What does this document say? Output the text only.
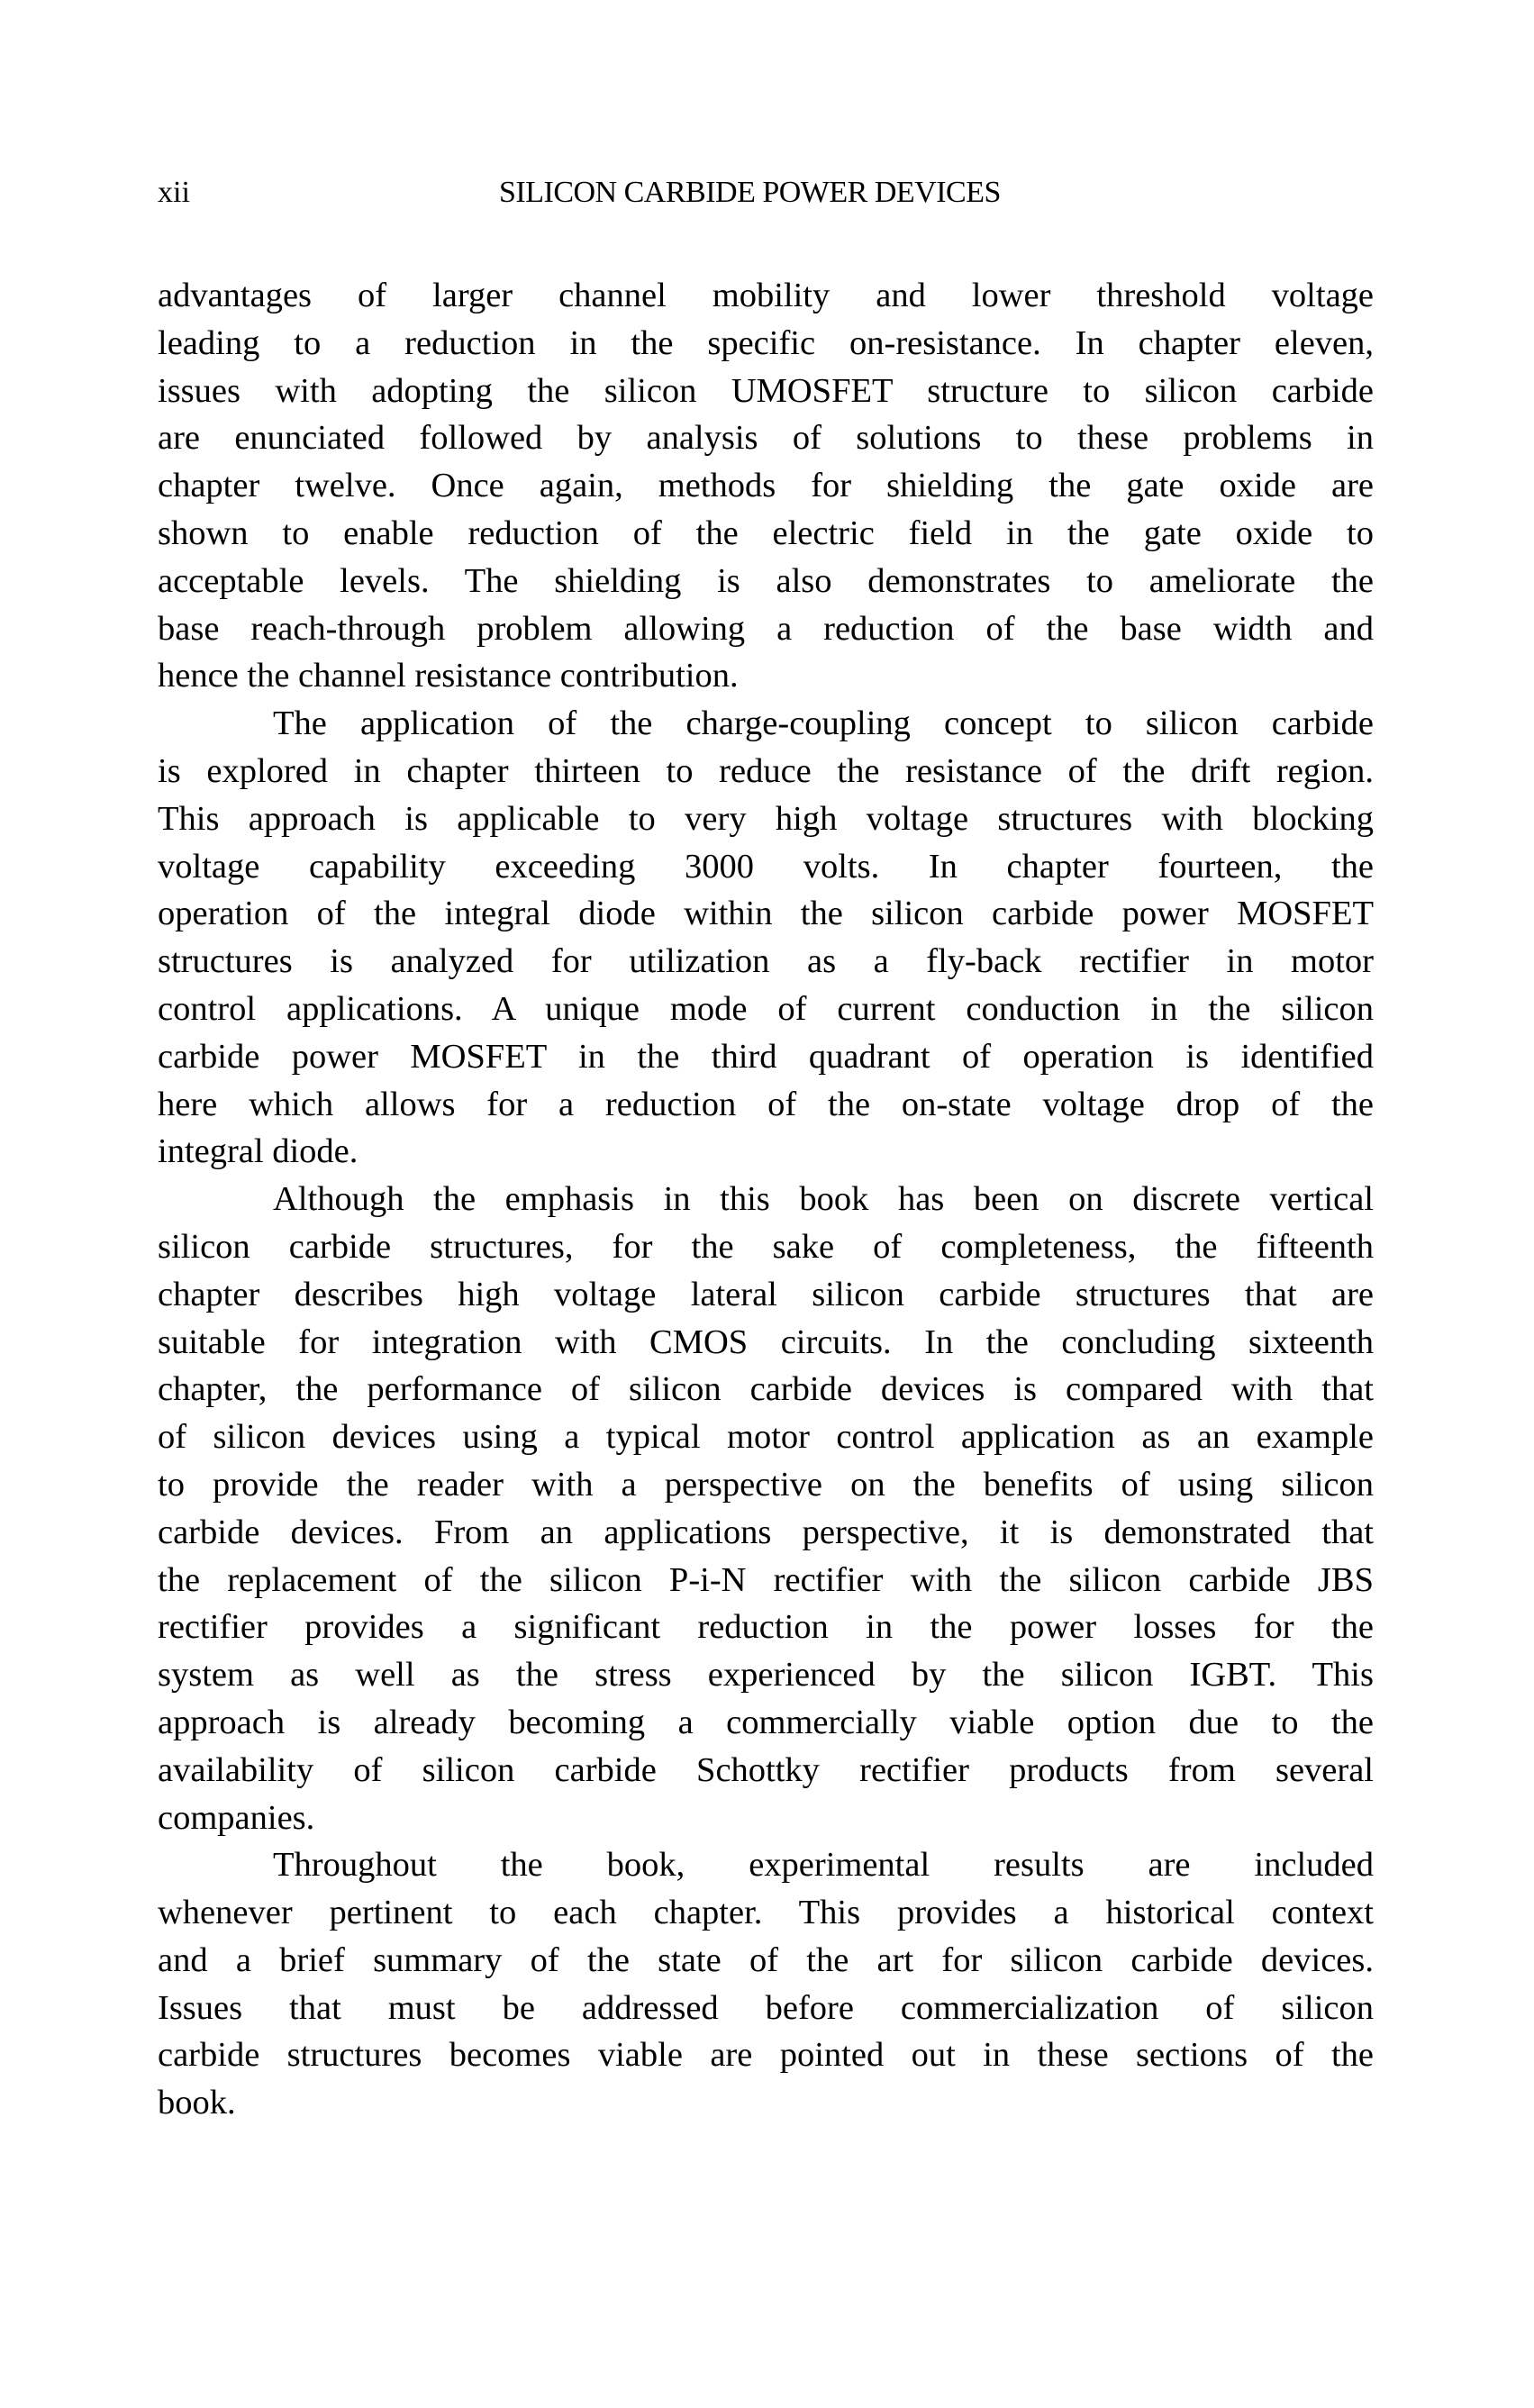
xii	SILICON CARBIDE POWER DEVICES
advantages of larger channel mobility and lower threshold voltage
leading to a reduction in the specific on-resistance. In chapter eleven,
issues with adopting the silicon UMOSFET structure to silicon carbide
are enunciated followed by analysis of solutions to these problems in
chapter twelve. Once again, methods for shielding the gate oxide are
shown to enable reduction of the electric field in the gate oxide to
acceptable levels. The shielding is also demonstrates to ameliorate the
base reach-through problem allowing a reduction of the base width and
hence the channel resistance contribution.
The application of the charge-coupling concept to silicon carbide
is explored in chapter thirteen to reduce the resistance of the drift region.
This approach is applicable to very high voltage structures with blocking
voltage capability exceeding 3000 volts. In chapter fourteen, the
operation of the integral diode within the silicon carbide power MOSFET
structures is analyzed for utilization as a fly-back rectifier in motor
control applications. A unique mode of current conduction in the silicon
carbide power MOSFET in the third quadrant of operation is identified
here which allows for a reduction of the on-state voltage drop of the
integral diode.
Although the emphasis in this book has been on discrete vertical
silicon carbide structures, for the sake of completeness, the fifteenth
chapter describes high voltage lateral silicon carbide structures that are
suitable for integration with CMOS circuits. In the concluding sixteenth
chapter, the performance of silicon carbide devices is compared with that
of silicon devices using a typical motor control application as an example
to provide the reader with a perspective on the benefits of using silicon
carbide devices. From an applications perspective, it is demonstrated that
the replacement of the silicon P-i-N rectifier with the silicon carbide JBS
rectifier provides a significant reduction in the power losses for the
system as well as the stress experienced by the silicon IGBT. This
approach is already becoming a commercially viable option due to the
availability of silicon carbide Schottky rectifier products from several
companies.
Throughout the book, experimental results are included
whenever pertinent to each chapter. This provides a historical context
and a brief summary of the state of the art for silicon carbide devices.
Issues that must be addressed before commercialization of silicon
carbide structures becomes viable are pointed out in these sections of the
book.
